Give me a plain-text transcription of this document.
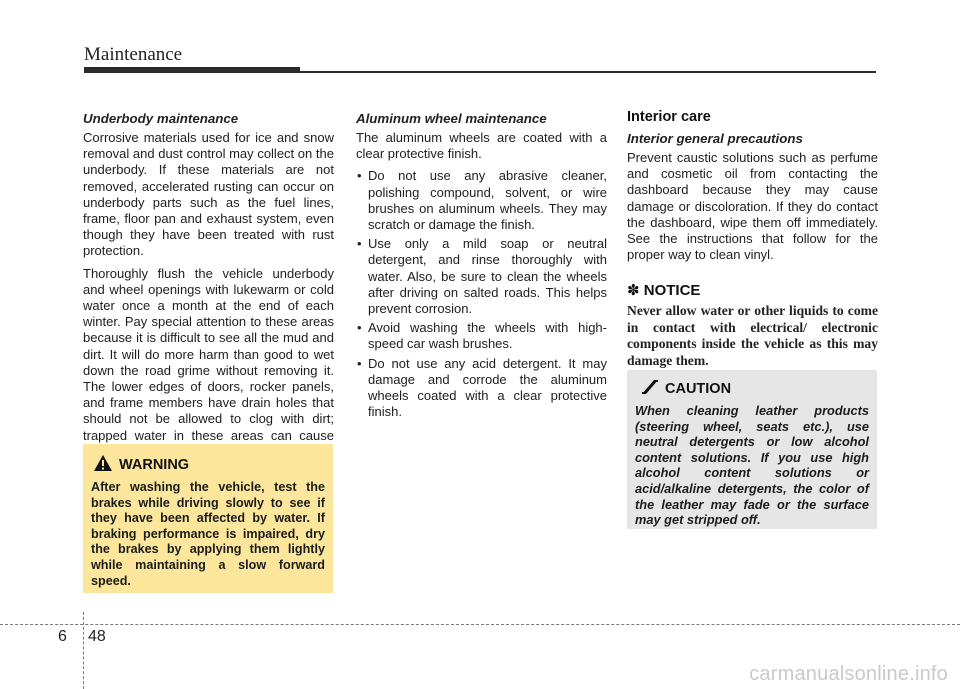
Maintenance
Underbody maintenance

Corrosive materials used for ice and snow removal and dust control may collect on the underbody. If these materials are not removed, accelerated rusting can occur on underbody parts such as the fuel lines, frame, floor pan and exhaust system, even though they have been treated with rust protection.

Thoroughly flush the vehicle underbody and wheel openings with lukewarm or cold water once a month at the end of each winter. Pay special attention to these areas because it is difficult to see all the mud and dirt. It will do more harm than good to wet down the road grime without removing it. The lower edges of doors, rocker panels, and frame members have drain holes that should not be allowed to clog with dirt; trapped water in these areas can cause

WARNING

After washing the vehicle, test the brakes while driving slowly to see if they have been affected by water. If braking performance is impaired, dry the brakes by applying them lightly while maintaining a slow forward speed.

Aluminum wheel maintenance

The aluminum wheels are coated with a clear protective finish.

• Do not use any abrasive cleaner, polishing compound, solvent, or wire brushes on aluminum wheels. They may scratch or damage the finish.
• Use only a mild soap or neutral detergent, and rinse thoroughly with water. Also, be sure to clean the wheels after driving on salted roads. This helps prevent corrosion.
• Avoid washing the wheels with high-speed car wash brushes.
• Do not use any acid detergent. It may damage and corrode the aluminum wheels coated with a clear protective finish.
Interior care
Interior general precautions

Prevent caustic solutions such as perfume and cosmetic oil from contacting the dashboard because they may cause damage or discoloration. If they do contact the dashboard, wipe them off immediately. See the instructions that follow for the proper way to clean vinyl.

✽ NOTICE

Never allow water or other liquids to come in contact with electrical/ electronic components inside the vehicle as this may damage them.

CAUTION

When cleaning leather products (steering wheel, seats etc.), use neutral detergents or low alcohol content solutions. If you use high alcohol content solutions or acid/alkaline detergents, the color of the leather may fade or the surface may get stripped off.

6 48
carmanualsonline.info
